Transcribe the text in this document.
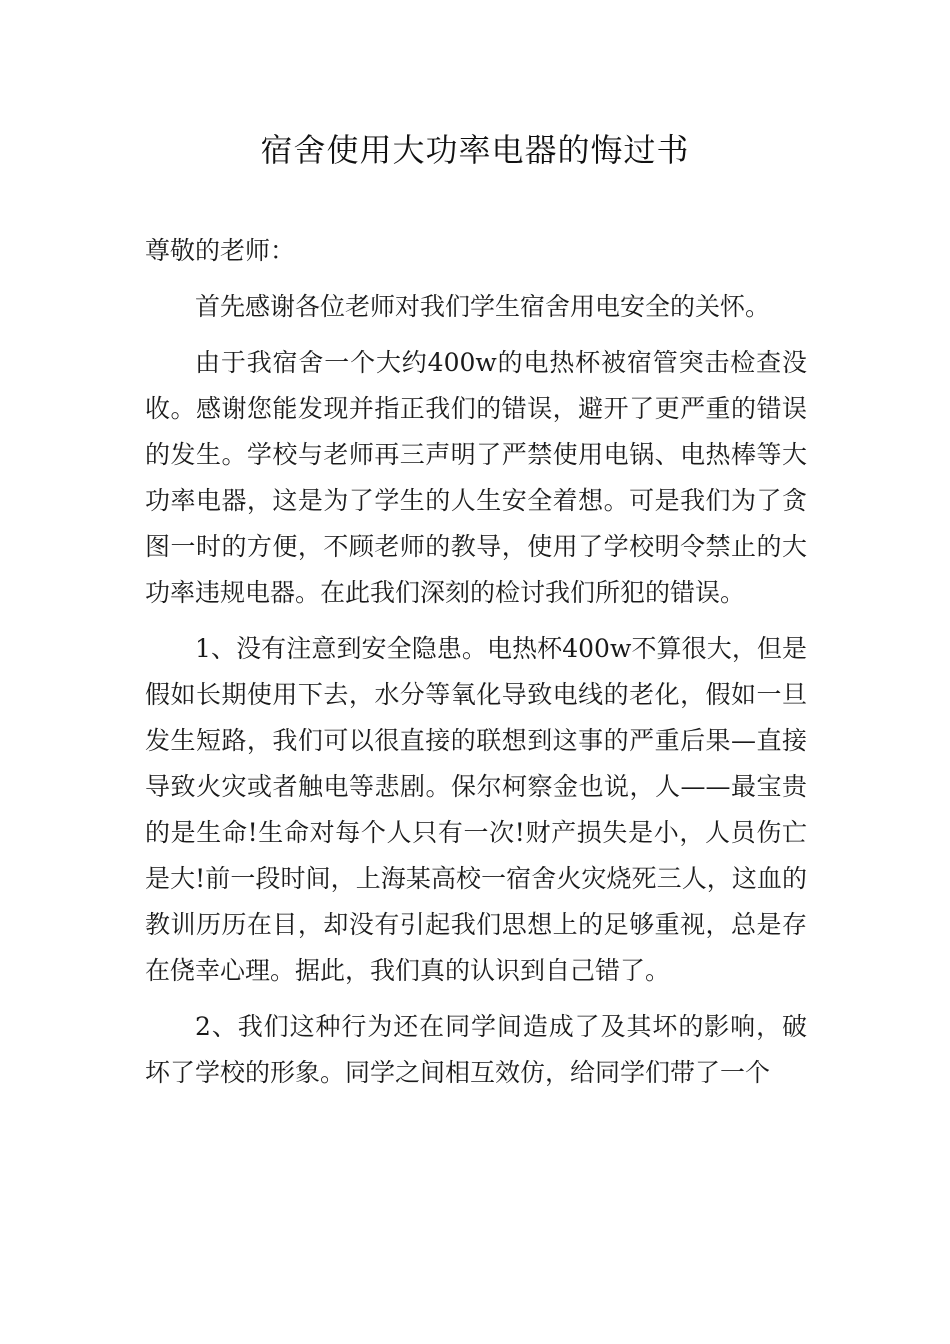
宿舍使用大功率电器的悔过书
尊敬的老师：

首先感谢各位老师对我们学生宿舍用电安全的关怀。

由于我宿舍一个大约400w的电热杯被宿管突击检查没收。感谢您能发现并指正我们的错误，避开了更严重的错误的发生。学校与老师再三声明了严禁使用电锅、电热棒等大功率电器，这是为了学生的人生安全着想。可是我们为了贪图一时的方便，不顾老师的教导，使用了学校明令禁止的大功率违规电器。在此我们深刻的检讨我们所犯的错误。

1、没有注意到安全隐患。电热杯400w不算很大，但是假如长期使用下去，水分等氧化导致电线的老化，假如一旦发生短路，我们可以很直接的联想到这事的严重后果—直接导致火灾或者触电等悲剧。保尔柯察金也说，人——最宝贵的是生命!生命对每个人只有一次!财产损失是小，人员伤亡是大!前一段时间，上海某高校一宿舍火灾烧死三人，这血的教训历历在目，却没有引起我们思想上的足够重视，总是存在侥幸心理。据此，我们真的认识到自己错了。

2、我们这种行为还在同学间造成了及其坏的影响，破坏了学校的形象。同学之间相互效仿，给同学们带了一个
